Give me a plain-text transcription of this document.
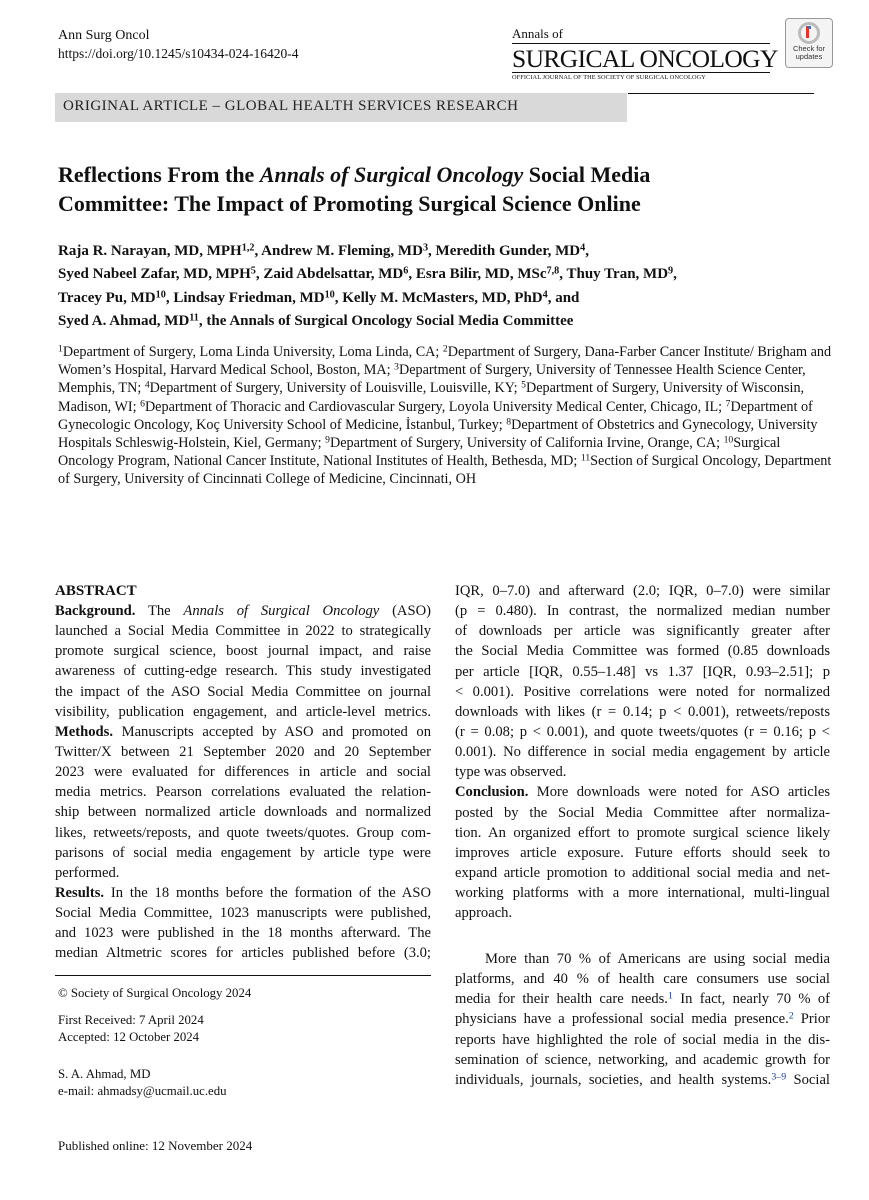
Ann Surg Oncol
https://doi.org/10.1245/s10434-024-16420-4
Annals of
SURGICAL ONCOLOGY
OFFICIAL JOURNAL OF THE SOCIETY OF SURGICAL ONCOLOGY
Check for
updates
ORIGINAL ARTICLE – GLOBAL HEALTH SERVICES RESEARCH
Reflections From the Annals of Surgical Oncology Social Media
Committee: The Impact of Promoting Surgical Science Online
Raja R. Narayan, MD, MPH$^{1,2}$, Andrew M. Fleming, $MD^3$, Meredith Gunder, $MD^4$,
Syed Nabeel Zafar, MD, MPH$^5$, Zaid Abdelsattar, $MD^6$, Esra Bilir, MD, MSc$^{7,8}$, Thuy Tran, $MD^9$,
Tracey Pu, MD$^{10}$, Lindsay Friedman, MD$^{10}$, Kelly M. McMasters, MD, PhD$^4$, and
Syed A. Ahmad, MD$^{11}$, the Annals of Surgical Oncology Social Media Committee
$^1$Department of Surgery, Loma Linda University, Loma Linda, CA; $^2$Department of Surgery, Dana-Farber Cancer Institute/ Brigham and Women’s Hospital, Harvard Medical School, Boston, MA; $^3$Department of Surgery, University of Tennessee Health Science Center, Memphis, TN; $^4$Department of Surgery, University of Louisville, Louisville, KY; $^5$Department of Surgery, University of Wisconsin, Madison, WI; $^6$Department of Thoracic and Cardiovascular Surgery, Loyola University Medical Center, Chicago, IL; $^7$Department of Gynecologic Oncology, Koç University School of Medicine, İstanbul, Turkey; $^8$Department of Obstetrics and Gynecology, University Hospitals Schleswig-Holstein, Kiel, Germany; $^9$Department of Surgery, University of California Irvine, Orange, CA; $^{10}$Surgical Oncology Program, National Cancer Institute, National Institutes of Health, Bethesda, MD; $^{11}$Section of Surgical Oncology, Department of Surgery, University of Cincinnati College of Medicine, Cincinnati, OH
ABSTRACT
Background. The Annals of Surgical Oncology (ASO)
launched a Social Media Committee in 2022 to strategically
promote surgical science, boost journal impact, and raise
awareness of cutting-edge research. This study investigated
the impact of the ASO Social Media Committee on journal
visibility, publication engagement, and article-level metrics.
Methods. Manuscripts accepted by ASO and promoted on
Twitter/X between 21 September 2020 and 20 September
2023 were evaluated for differences in article and social
media metrics. Pearson correlations evaluated the relation-
ship between normalized article downloads and normalized
likes, retweets/reposts, and quote tweets/quotes. Group com-
parisons of social media engagement by article type were
performed.
Results. In the 18 months before the formation of the ASO
Social Media Committee, 1023 manuscripts were published,
and 1023 were published in the 18 months afterward. The
median Altmetric scores for articles published before (3.0;
IQR, 0–7.0) and afterward (2.0; IQR, 0–7.0) were similar
(p = 0.480). In contrast, the normalized median number
of downloads per article was significantly greater after
the Social Media Committee was formed (0.85 downloads
per article [IQR, 0.55–1.48] vs 1.37 [IQR, 0.93–2.51]; p
< 0.001). Positive correlations were noted for normalized
downloads with likes (r = 0.14; p < 0.001), retweets/reposts
(r = 0.08; p < 0.001), and quote tweets/quotes (r = 0.16; p <
0.001). No difference in social media engagement by article
type was observed.
Conclusion. More downloads were noted for ASO articles
posted by the Social Media Committee after normaliza-
tion. An organized effort to promote surgical science likely
improves article exposure. Future efforts should seek to
expand article promotion to additional social media and net-
working platforms with a more international, multi-lingual
approach.
More than 70 % of Americans are using social media
platforms, and 40 % of health care consumers use social
media for their health care needs.$^1$ In fact, nearly 70 % of
physicians have a professional social media presence.$^2$ Prior
reports have highlighted the role of social media in the dis-
semination of science, networking, and academic growth for
individuals, journals, societies, and health systems.$^{3-9}$ Social
© Society of Surgical Oncology 2024
First Received: 7 April 2024
Accepted: 12 October 2024
S. A. Ahmad, MD
e-mail: ahmadsy@ucmail.uc.edu
Published online: 12 November 2024
